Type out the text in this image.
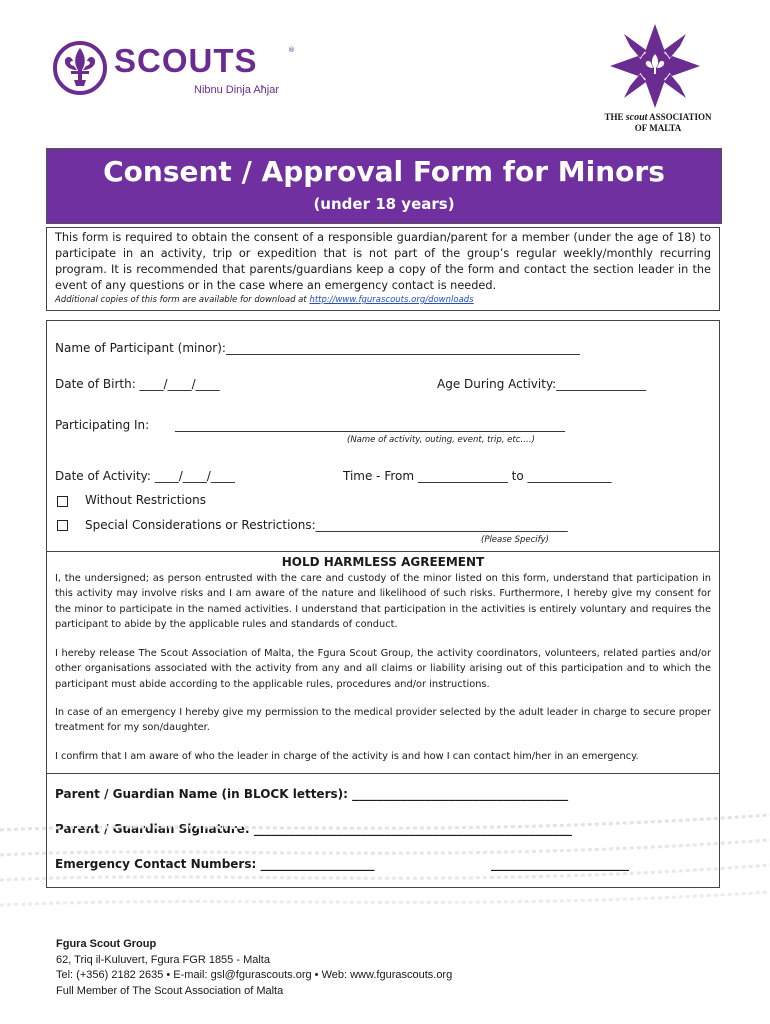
SCOUTS	®
Nibnu Dinja Aħjar
THE scout ASSOCIATION
OF MALTA
Consent / Approval Form for Minors
(under 18 years)

This form is required to obtain the consent of a responsible guardian/parent for a member (under the age of 18) to participate in an activity, trip or expedition that is not part of the group’s regular weekly/monthly recurring program. It is recommended that parents/guardians keep a copy of the form and contact the section leader in the event of any questions or in the case where an emergency contact is needed.

Additional copies of this form are available for download at http://www.fgurascouts.org/downloads
Name of Participant (minor):___________________________________________________________
Date of Birth: ____/____/____	Age During Activity:_______________
Participating In: _________________________________________________________________
(Name of activity, outing, event, trip, etc….)
Date of Activity: ____/____/____	Time - From _______________ to ______________
Without Restrictions
Special Considerations or Restrictions:__________________________________________
(Please Specify)
HOLD HARMLESS AGREEMENT

I, the undersigned; as person entrusted with the care and custody of the minor listed on this form, understand that participation in this activity may involve risks and I am aware of the nature and likelihood of such risks. Furthermore, I hereby give my consent for the minor to participate in the named activities. I understand that participation in the activities is entirely voluntary and requires the participant to abide by the applicable rules and standards of conduct.

I hereby release The Scout Association of Malta, the Fgura Scout Group, the activity coordinators, volunteers, related parties and/or other organisations associated with the activity from any and all claims or liability arising out of this participation and to which the participant must abide according to the applicable rules, procedures and/or instructions.

In case of an emergency I hereby give my permission to the medical provider selected by the adult leader in charge to secure proper treatment for my son/daughter.

I confirm that I am aware of who the leader in charge of the activity is and how I can contact him/her in an emergency.

Parent / Guardian Name (in BLOCK letters): ____________________________________
Parent / Guardian Signature: _____________________________________________________
Emergency Contact Numbers: ___________________	_______________________
Fgura Scout Group
62, Triq il-Kuluvert, Fgura FGR 1855 - Malta
Tel: (+356) 2182 2635 • E-mail: gsl@fgurascouts.org • Web: www.fgurascouts.org
Full Member of The Scout Association of Malta
